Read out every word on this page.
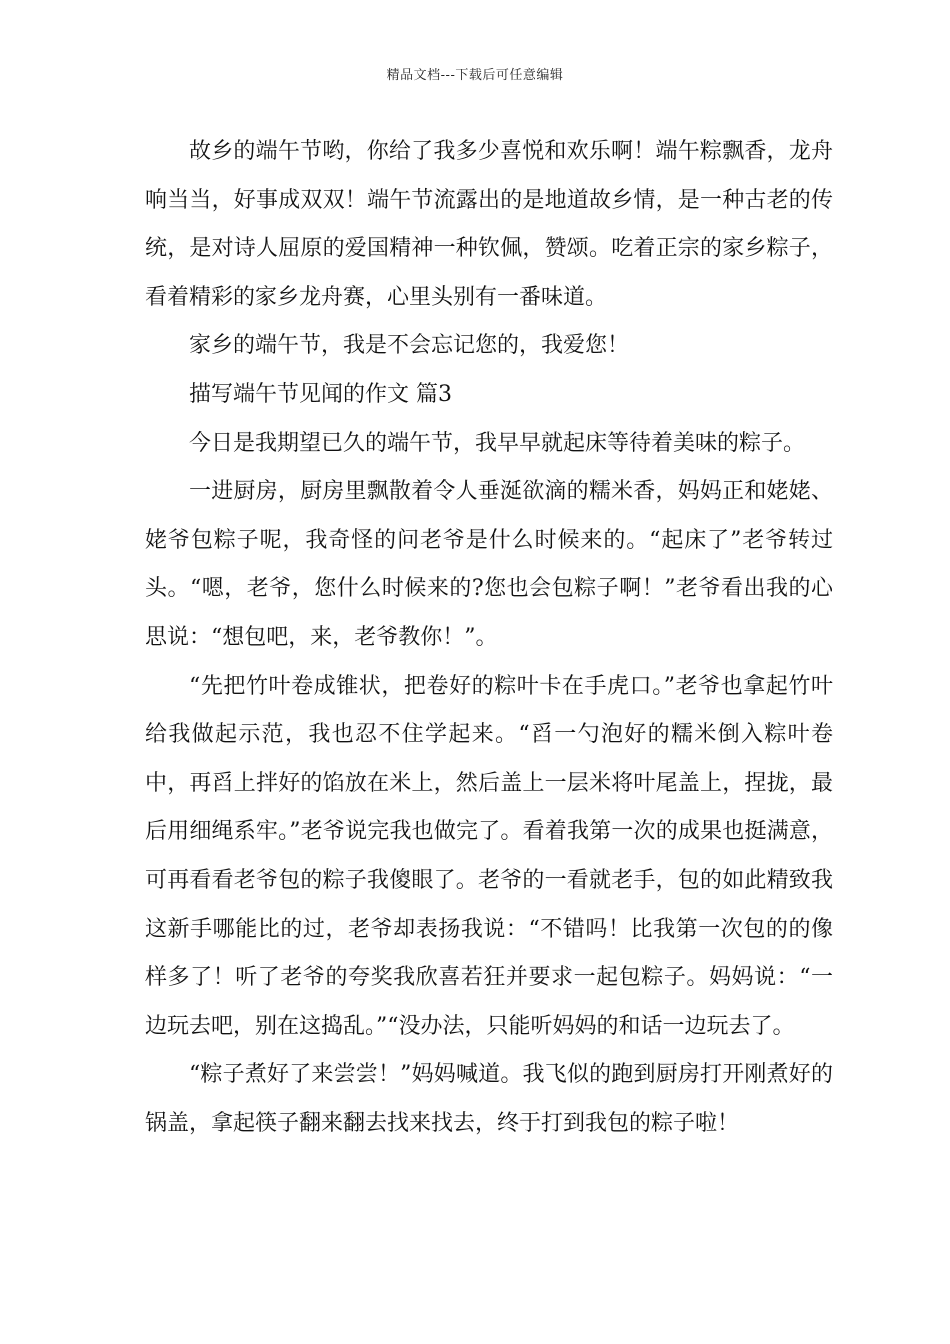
精品文档---下载后可任意编辑

故乡的端午节哟，你给了我多少喜悦和欢乐啊！端午粽飘香，龙舟响当当，好事成双双！端午节流露出的是地道故乡情，是一种古老的传统，是对诗人屈原的爱国精神一种钦佩，赞颂。吃着正宗的家乡粽子，看着精彩的家乡龙舟赛，心里头别有一番味道。

家乡的端午节，我是不会忘记您的，我爱您！

描写端午节见闻的作文 篇3

今日是我期望已久的端午节，我早早就起床等待着美味的粽子。

一进厨房，厨房里飘散着令人垂涎欲滴的糯米香，妈妈正和姥姥、姥爷包粽子呢，我奇怪的问老爷是什么时候来的。“起床了”老爷转过头。“嗯，老爷，您什么时候来的?您也会包粽子啊！”老爷看出我的心思说：“想包吧，来，老爷教你！”。

“先把竹叶卷成锥状，把卷好的粽叶卡在手虎口。”老爷也拿起竹叶给我做起示范，我也忍不住学起来。“舀一勺泡好的糯米倒入粽叶卷中，再舀上拌好的馅放在米上，然后盖上一层米将叶尾盖上，捏拢，最后用细绳系牢。”老爷说完我也做完了。看着我第一次的成果也挺满意，可再看看老爷包的粽子我傻眼了。老爷的一看就老手，包的如此精致我这新手哪能比的过，老爷却表扬我说：“不错吗！比我第一次包的的像样多了！听了老爷的夸奖我欣喜若狂并要求一起包粽子。妈妈说：“一边玩去吧，别在这捣乱。”“没办法，只能听妈妈的和话一边玩去了。

“粽子煮好了来尝尝！”妈妈喊道。我飞似的跑到厨房打开刚煮好的锅盖，拿起筷子翻来翻去找来找去，终于打到我包的粽子啦！
